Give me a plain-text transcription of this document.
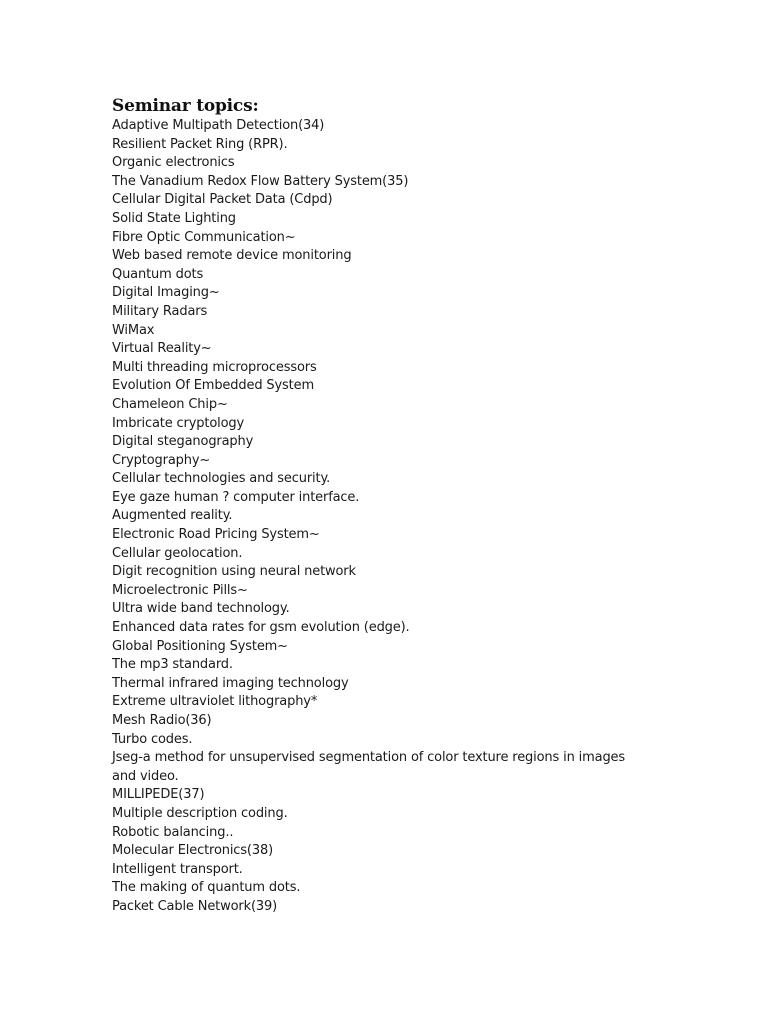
Seminar topics:
Adaptive Multipath Detection(34)
Resilient Packet Ring (RPR).
Organic electronics
The Vanadium Redox Flow Battery System(35)
Cellular Digital Packet Data (Cdpd)
Solid State Lighting
Fibre Optic Communication~
Web based remote device monitoring
Quantum dots
Digital Imaging~
Military Radars
WiMax
Virtual Reality~
Multi threading microprocessors
Evolution Of Embedded System
Chameleon Chip~
Imbricate cryptology
Digital steganography
Cryptography~
Cellular technologies and security.
Eye gaze human ? computer interface.
Augmented reality.
Electronic Road Pricing System~
Cellular geolocation.
Digit recognition using neural network
Microelectronic Pills~
Ultra wide band technology.
Enhanced data rates for gsm evolution (edge).
Global Positioning System~
The mp3 standard.
Thermal infrared imaging technology
Extreme ultraviolet lithography*
Mesh Radio(36)
Turbo codes.
Jseg-a method for unsupervised segmentation of color texture regions in images and video.
MILLIPEDE(37)
Multiple description coding.
Robotic balancing..
Molecular Electronics(38)
Intelligent transport.
The making of quantum dots.
Packet Cable Network(39)
